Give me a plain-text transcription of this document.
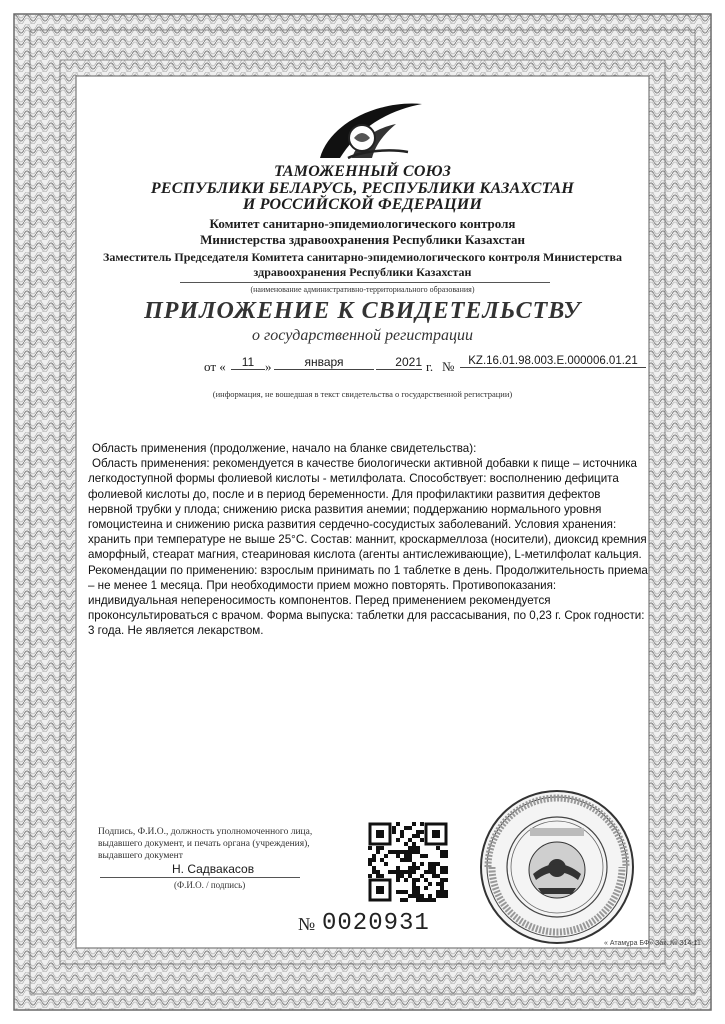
ТАМОЖЕННЫЙ СОЮЗ
РЕСПУБЛИКИ БЕЛАРУСЬ, РЕСПУБЛИКИ КАЗАХСТАН
И РОССИЙСКОЙ ФЕДЕРАЦИИ
Комитет санитарно-эпидемиологического контроля
Министерства здравоохранения Республики Казахстан
Заместитель Председателя Комитета санитарно-эпидемиологического контроля Министерства
здравоохранения Республики Казахстан
(наименование административно-территориального образования)
ПРИЛОЖЕНИЕ К СВИДЕТЕЛЬСТВУ
о государственной регистрации
от «	11 »	января	2021 г. №	KZ.16.01.98.003.Е.000006.01.21
(информация, не вошедшая в текст свидетельства о государственной регистрации)

Область применения (продолжение, начало на бланке свидетельства):

Область применения: рекомендуется в качестве биологически активной добавки к пище – источника легкодоступной формы фолиевой кислоты - метилфолата. Способствует: восполнению дефицита фолиевой кислоты до, после и в период беременности. Для профилактики развития дефектов нервной трубки у плода; снижению риска развития анемии; поддержанию нормального уровня гомоцистеина и снижению риска развития сердечно-сосудистых заболеваний. Условия хранения: хранить при температуре не выше 25°С. Состав: маннит, кроскармеллоза (носители), диоксид кремния аморфный, стеарат магния, стеариновая кислота (агенты антислеживающие), L-метилфолат кальция. Рекомендации по применению: взрослым принимать по 1 таблетке в день. Продолжительность приема – не менее 1 месяца. При необходимости прием можно повторять. Противопоказания: индивидуальная непереносимость компонентов. Перед применением рекомендуется проконсультироваться с врачом. Форма выпуска: таблетки для рассасывания, по 0,23 г. Срок годности: 3 года. Не является лекарством.

Подпись, Ф.И.О., должность уполномоченного лица,
выдавшего документ, и печать органа (учреждения),
выдавшего документ
Н. Садвакасов
(Ф.И.О. / подпись)
« Атамұра БФ» Зак. № 314-11
№ 0020931
